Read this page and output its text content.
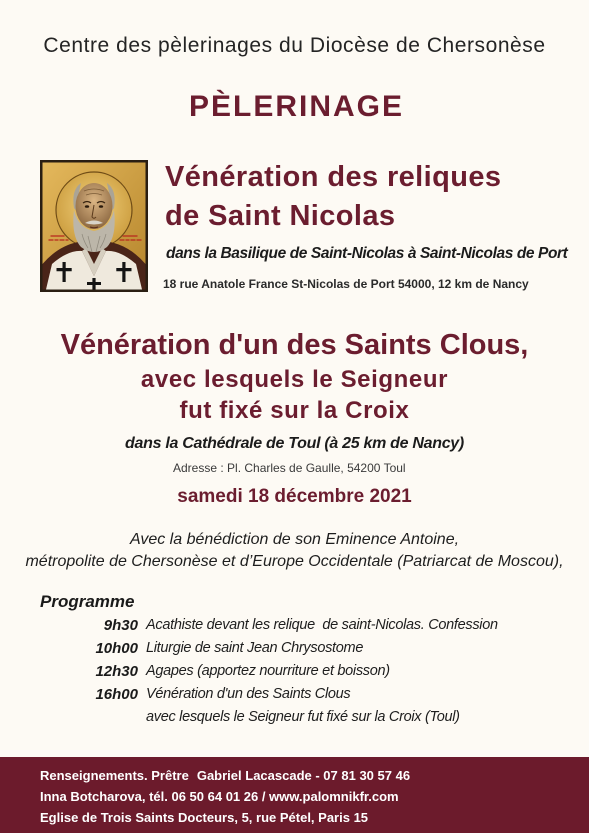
Centre des pèlerinages du Diocèse de Chersonèse
PÈLERINAGE
Vénération des reliques
de Saint Nicolas
dans la Basilique de Saint-Nicolas à Saint-Nicolas de Port
18 rue Anatole France St-Nicolas de Port 54000, 12 km de Nancy
Vénération d'un des Saints Clous,
avec lesquels le Seigneur
fut fixé sur la Croix
dans la Cathédrale de Toul (à 25 km de Nancy)
Adresse : Pl. Charles de Gaulle, 54200 Toul
samedi 18 décembre 2021
Avec la bénédiction de son Eminence Antoine,
métropolite de Chersonèse et d’Europe Occidentale (Patriarcat de Moscou),
Programme
9h30 Acathiste devant les relique  de saint-Nicolas. Confession
10h00 Liturgie de saint Jean Chrysostome
12h30 Agapes (apportez nourriture et boisson)
16h00 Vénération d'un des Saints Clous
avec lesquels le Seigneur fut fixé sur la Croix (Toul)
Renseignements. Prêtre Gabriel Lacascade - 07 81 30 57 46
Inna Botcharova, tél. 06 50 64 01 26 / www.palomnikfr.com
Eglise de Trois Saints Docteurs, 5, rue Pétel, Paris 15
